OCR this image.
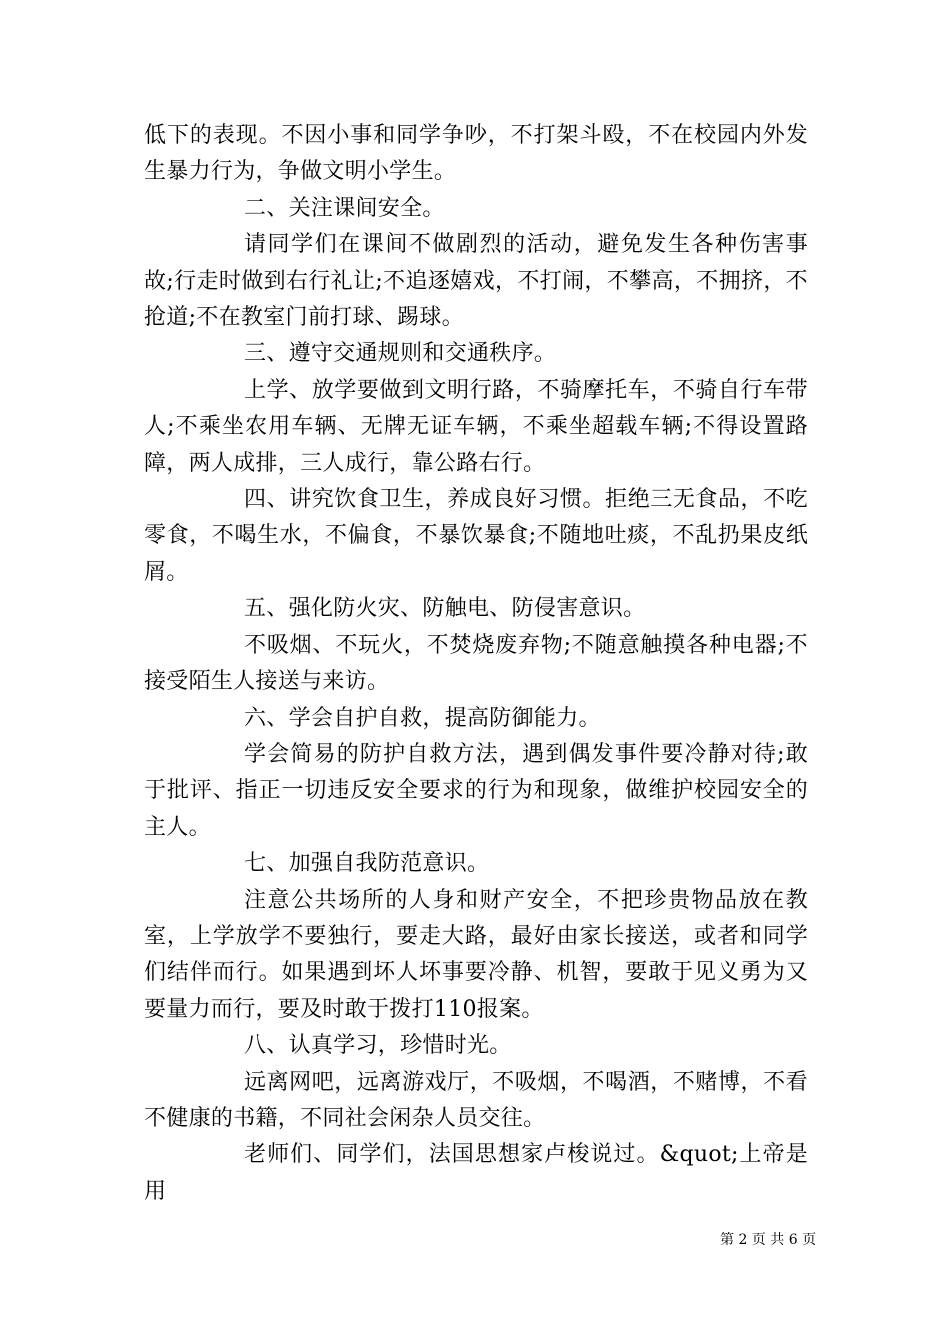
低下的表现。不因小事和同学争吵，不打架斗殴，不在校园内外发生暴力行为，争做文明小学生。

二、关注课间安全。

请同学们在课间不做剧烈的活动，避免发生各种伤害事故;行走时做到右行礼让;不追逐嬉戏，不打闹，不攀高，不拥挤，不抢道;不在教室门前打球、踢球。

三、遵守交通规则和交通秩序。

上学、放学要做到文明行路，不骑摩托车，不骑自行车带人;不乘坐农用车辆、无牌无证车辆，不乘坐超载车辆;不得设置路障，两人成排，三人成行，靠公路右行。

四、讲究饮食卫生，养成良好习惯。拒绝三无食品，不吃零食，不喝生水，不偏食，不暴饮暴食;不随地吐痰，不乱扔果皮纸屑。

五、强化防火灾、防触电、防侵害意识。

不吸烟、不玩火，不焚烧废弃物;不随意触摸各种电器;不接受陌生人接送与来访。

六、学会自护自救，提高防御能力。

学会简易的防护自救方法，遇到偶发事件要冷静对待;敢于批评、指正一切违反安全要求的行为和现象，做维护校园安全的主人。

七、加强自我防范意识。

注意公共场所的人身和财产安全，不把珍贵物品放在教室，上学放学不要独行，要走大路，最好由家长接送，或者和同学们结伴而行。如果遇到坏人坏事要冷静、机智，要敢于见义勇为又要量力而行，要及时敢于拨打110报案。

八、认真学习，珍惜时光。

远离网吧，远离游戏厅，不吸烟，不喝酒，不赌博，不看不健康的书籍，不同社会闲杂人员交往。

老师们、同学们，法国思想家卢梭说过。&quot;上帝是用

第 2 页 共 6 页
